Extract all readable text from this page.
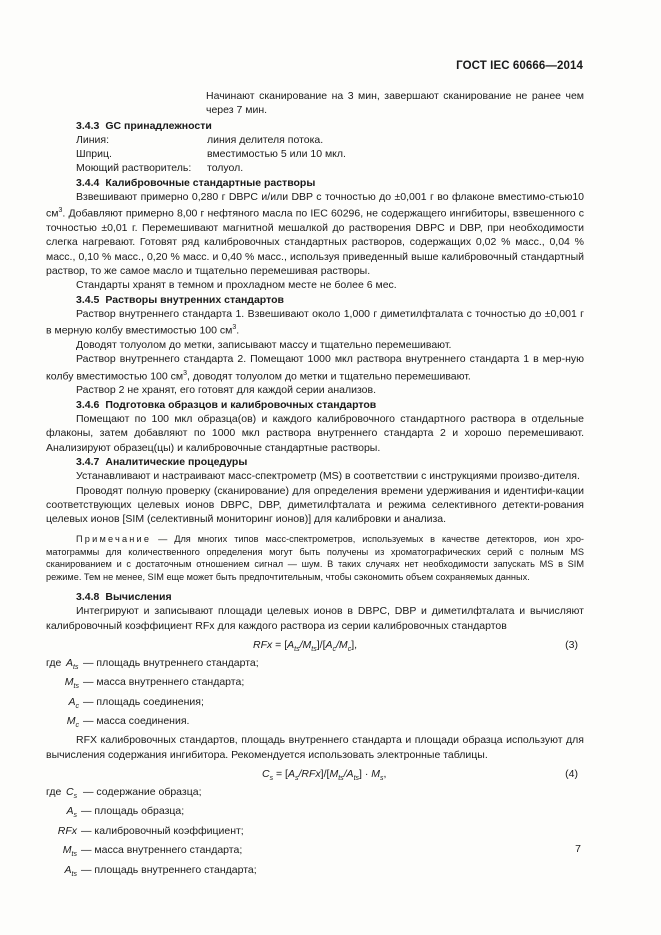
ГОСТ IEC 60666—2014

Начинают сканирование на 3 мин, завершают сканирование не ранее чем через 7 мин.

3.4.3 GC принадлежности
Линия:	линия делителя потока.
Шприц.	вместимостью 5 или 10 мкл.
Моющий растворитель:	толуол.
3.4.4 Калибровочные стандартные растворы

Взвешивают примерно 0,280 г DBPC и/или DBP с точностью до ±0,001 г во флаконе вместимо-стью10 $см^3$. Добавляют примерно 8,00 г нефтяного масла по IEC 60296, не содержащего ингибиторы, взвешенного с точностью ±0,01 г. Перемешивают магнитной мешалкой до растворения DBPC и DBP, при необходимости слегка нагревают. Готовят ряд калибровочных стандартных растворов, содержащих 0,02 % масс., 0,04 % масс., 0,10 % масс., 0,20 % масс. и 0,40 % масс., используя приведенный выше калибровочный стандартный раствор, то же самое масло и тщательно перемешивая растворы.

Стандарты хранят в темном и прохладном месте не более 6 мес.

3.4.5 Растворы внутренних стандартов

Раствор внутреннего стандарта 1. Взвешивают около 1,000 г диметилфталата с точностью до ±0,001 г в мерную колбу вместимостью 100 $см^3$.

Доводят толуолом до метки, записывают массу и тщательно перемешивают.

Раствор внутреннего стандарта 2. Помещают 1000 мкл раствора внутреннего стандарта 1 в мер-ную колбу вместимостью 100 $см^3$, доводят толуолом до метки и тщательно перемешивают.

Раствор 2 не хранят, его готовят для каждой серии анализов.

3.4.6 Подготовка образцов и калибровочных стандартов

Помещают по 100 мкл образца(ов) и каждого калибровочного стандартного раствора в отдельные флаконы, затем добавляют по 1000 мкл раствора внутреннего стандарта 2 и хорошо перемешивают. Анализируют образец(цы) и калибровочные стандартные растворы.

3.4.7 Аналитические процедуры

Устанавливают и настраивают масс-спектрометр (MS) в соответствии с инструкциями произво-дителя.

Проводят полную проверку (сканирование) для определения времени удерживания и идентифи-кации соответствующих целевых ионов DBPC, DBP, диметилфталата и режима селективного детекти-рования целевых ионов [SIM (селективный мониторинг ионов)] для калибровки и анализа.

Примечание — Для многих типов масс-спектрометров, используемых в качестве детекторов, ион хро-матограммы для количественного определения могут быть получены из хроматографических серий с полным MS сканированием и с достаточным отношением сигнал — шум. В таких случаях нет необходимости запускать MS в SIM режиме. Тем не менее, SIM еще может быть предпочтительным, чтобы сэкономить объем сохраняемых данных.

3.4.8 Вычисления

Интегрируют и записывают площади целевых ионов в DBPC, DBP и диметилфталата и вычисляют калибровочный коэффициент RFx для каждого раствора из серии калибровочных стандартов

RFx = $[A_{ts}/M_{ts}]/[A_c/M_c]$,	(3)
где $A_{ts}$ — площадь внутреннего стандарта;
$M_{ts}$ — масса внутреннего стандарта;
$A_c$ — площадь соединения;
$M_c$ — масса соединения.

RFX калибровочных стандартов, площадь внутреннего стандарта и площади образца используют для вычисления содержания ингибитора. Рекомендуется использовать электронные таблицы.

$C_s = [A_s/RFx]/[M_{ts}/A_{ts}] \cdot M_s$,	(4)
где $C_s$ — содержание образца;
$A_s$ — площадь образца;
RFx — калибровочный коэффициент;
$M_{ts}$ — масса внутреннего стандарта;
$A_{ts}$ — площадь внутреннего стандарта;
7
